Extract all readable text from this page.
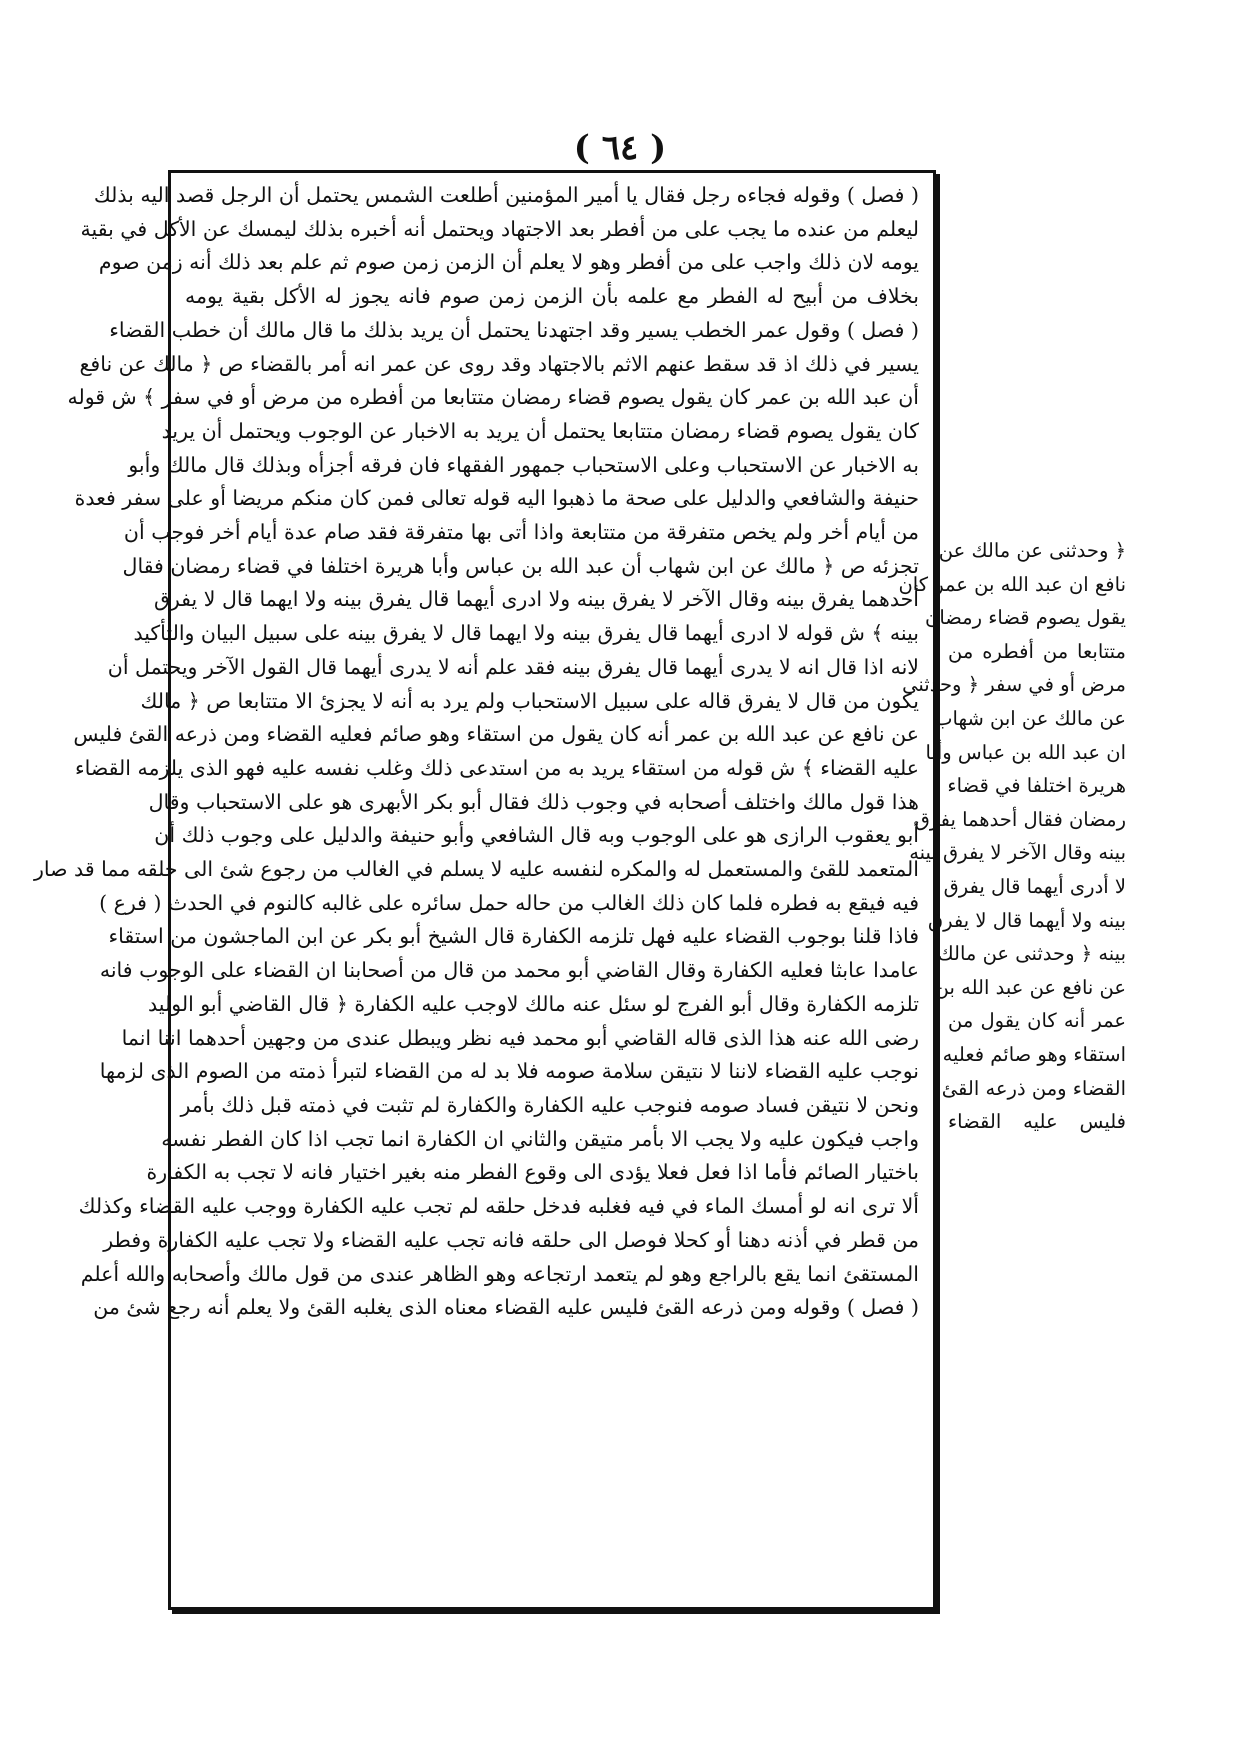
( ٦٤ )
( فصل ) وقوله فجاءه رجل فقال يا أمير المؤمنين أطلعت الشمس يحتمل أن الرجل قصد اليه بذلك
ليعلم من عنده ما يجب على من أفطر بعد الاجتهاد ويحتمل أنه أخبره بذلك ليمسك عن الأكل في بقية
يومه لان ذلك واجب على من أفطر وهو لا يعلم أن الزمن زمن صوم ثم علم بعد ذلك أنه زمن صوم
بخلاف من أبيح له الفطر مع علمه بأن الزمن زمن صوم فانه يجوز له الأكل بقية يومه
( فصل ) وقول عمر الخطب يسير وقد اجتهدنا يحتمل أن يريد بذلك ما قال مالك أن خطب القضاء
يسير في ذلك اذ قد سقط عنهم الاثم بالاجتهاد وقد روى عن عمر انه أمر بالقضاء ص ﴿ مالك عن نافع
أن عبد الله بن عمر كان يقول يصوم قضاء رمضان متتابعا من أفطره من مرض أو في سفر ﴾ ش قوله
كان يقول يصوم قضاء رمضان متتابعا يحتمل أن يريد به الاخبار عن الوجوب ويحتمل أن يريد
به الاخبار عن الاستحباب وعلى الاستحباب جمهور الفقهاء فان فرقه أجزأه وبذلك قال مالك وأبو
حنيفة والشافعي والدليل على صحة ما ذهبوا اليه قوله تعالى فمن كان منكم مريضا أو على سفر فعدة
من أيام أخر ولم يخص متفرقة من متتابعة واذا أتى بها متفرقة فقد صام عدة أيام أخر فوجب أن
تجزئه ص ﴿ مالك عن ابن شهاب أن عبد الله بن عباس وأبا هريرة اختلفا في قضاء رمضان فقال
أحدهما يفرق بينه وقال الآخر لا يفرق بينه ولا ادرى أيهما قال يفرق بينه ولا ايهما قال لا يفرق
بينه ﴾ ش قوله لا ادرى أيهما قال يفرق بينه ولا ايهما قال لا يفرق بينه على سبيل البيان والتأكيد
لانه اذا قال انه لا يدرى أيهما قال يفرق بينه فقد علم أنه لا يدرى أيهما قال القول الآخر ويحتمل أن
يكون من قال لا يفرق قاله على سبيل الاستحباب ولم يرد به أنه لا يجزئ الا متتابعا ص ﴿ مالك
عن نافع عن عبد الله بن عمر أنه كان يقول من استقاء وهو صائم فعليه القضاء ومن ذرعه القئ فليس
عليه القضاء ﴾ ش قوله من استقاء يريد به من استدعى ذلك وغلب نفسه عليه فهو الذى يلزمه القضاء
هذا قول مالك واختلف أصحابه في وجوب ذلك فقال أبو بكر الأبهرى هو على الاستحباب وقال
أبو يعقوب الرازى هو على الوجوب وبه قال الشافعي وأبو حنيفة والدليل على وجوب ذلك أن
المتعمد للقئ والمستعمل له والمكره لنفسه عليه لا يسلم في الغالب من رجوع شئ الى حلقه مما قد صار
فيه فيقع به فطره فلما كان ذلك الغالب من حاله حمل سائره على غالبه كالنوم في الحدث ( فرع )
فاذا قلنا بوجوب القضاء عليه فهل تلزمه الكفارة قال الشيخ أبو بكر عن ابن الماجشون من استقاء
عامدا عابثا فعليه الكفارة وقال القاضي أبو محمد من قال من أصحابنا ان القضاء على الوجوب فانه
تلزمه الكفارة وقال أبو الفرج لو سئل عنه مالك لاوجب عليه الكفارة ﴿ قال القاضي أبو الوليد
رضى الله عنه هذا الذى قاله القاضي أبو محمد فيه نظر ويبطل عندى من وجهين أحدهما اننا انما
نوجب عليه القضاء لاننا لا نتيقن سلامة صومه فلا بد له من القضاء لتبرأ ذمته من الصوم الذى لزمها
ونحن لا نتيقن فساد صومه فنوجب عليه الكفارة والكفارة لم تثبت في ذمته قبل ذلك بأمر
واجب فيكون عليه ولا يجب الا بأمر متيقن والثاني ان الكفارة انما تجب اذا كان الفطر نفسه
باختيار الصائم فأما اذا فعل فعلا يؤدى الى وقوع الفطر منه بغير اختيار فانه لا تجب به الكفارة
ألا ترى انه لو أمسك الماء في فيه فغلبه فدخل حلقه لم تجب عليه الكفارة ووجب عليه القضاء وكذلك
من قطر في أذنه دهنا أو كحلا فوصل الى حلقه فانه تجب عليه القضاء ولا تجب عليه الكفارة وفطر
المستقئ انما يقع بالراجع وهو لم يتعمد ارتجاعه وهو الظاهر عندى من قول مالك وأصحابه والله أعلم
( فصل ) وقوله ومن ذرعه القئ فليس عليه القضاء معناه الذى يغلبه القئ ولا يعلم أنه رجع شئ من
﴿ وحدثنى عن مالك عن
نافع ان عبد الله بن عمر كان
يقول يصوم قضاء رمضان
متتابعا من أفطره من
مرض أو في سفر ﴿ وحدثنى
عن مالك عن ابن شهاب
ان عبد الله بن عباس وأبا
هريرة اختلفا في قضاء
رمضان فقال أحدهما يفرق
بينه وقال الآخر لا يفرق بينه
لا أدرى أيهما قال يفرق
بينه ولا أيهما قال لا يفرق
بينه ﴿ وحدثنى عن مالك
عن نافع عن عبد الله بن
عمر أنه كان يقول من
استقاء وهو صائم فعليه
القضاء ومن ذرعه القئ
فليس عليه القضاء
